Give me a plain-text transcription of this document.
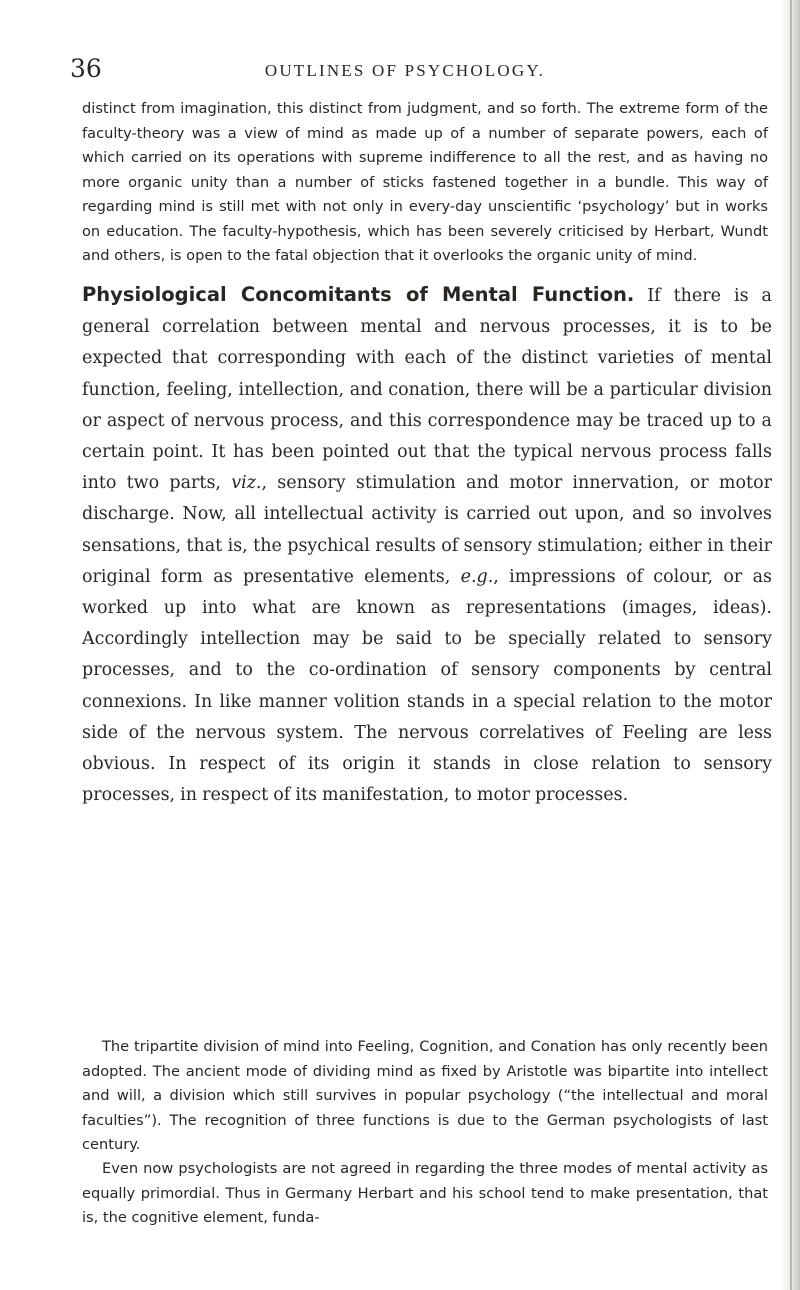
36	OUTLINES OF PSYCHOLOGY.

distinct from imagination, this distinct from judgment, and so forth. The extreme form of the faculty-theory was a view of mind as made up of a number of separate powers, each of which carried on its operations with supreme indifference to all the rest, and as having no more organic unity than a number of sticks fastened together in a bundle. This way of regarding mind is still met with not only in every-day unscientific ‘psychology’ but in works on education. The faculty-hypothesis, which has been severely criticised by Herbart, Wundt and others, is open to the fatal objection that it overlooks the organic unity of mind.

Physiological Concomitants of Mental Function. If there is a general correlation between mental and nervous processes, it is to be expected that corresponding with each of the distinct varieties of mental function, feeling, intellection, and conation, there will be a particular division or aspect of nervous process, and this correspondence may be traced up to a certain point. It has been pointed out that the typical nervous process falls into two parts, viz., sensory stimulation and motor innervation, or motor discharge. Now, all intellectual activity is carried out upon, and so involves sensations, that is, the psychical results of sensory stimulation; either in their original form as presentative elements, e.g., impressions of colour, or as worked up into what are known as representations (images, ideas). Accordingly intellection may be said to be specially related to sensory processes, and to the co-ordination of sensory components by central connexions. In like manner volition stands in a special relation to the motor side of the nervous system. The nervous correlatives of Feeling are less obvious. In respect of its origin it stands in close relation to sensory processes, in respect of its manifestation, to motor processes.

The tripartite division of mind into Feeling, Cognition, and Conation has only recently been adopted. The ancient mode of dividing mind as fixed by Aristotle was bipartite into intellect and will, a division which still survives in popular psychology (“the intellectual and moral faculties”). The recognition of three functions is due to the German psychologists of last century.

Even now psychologists are not agreed in regarding the three modes of mental activity as equally primordial. Thus in Germany Herbart and his school tend to make presentation, that is, the cognitive element, funda-
